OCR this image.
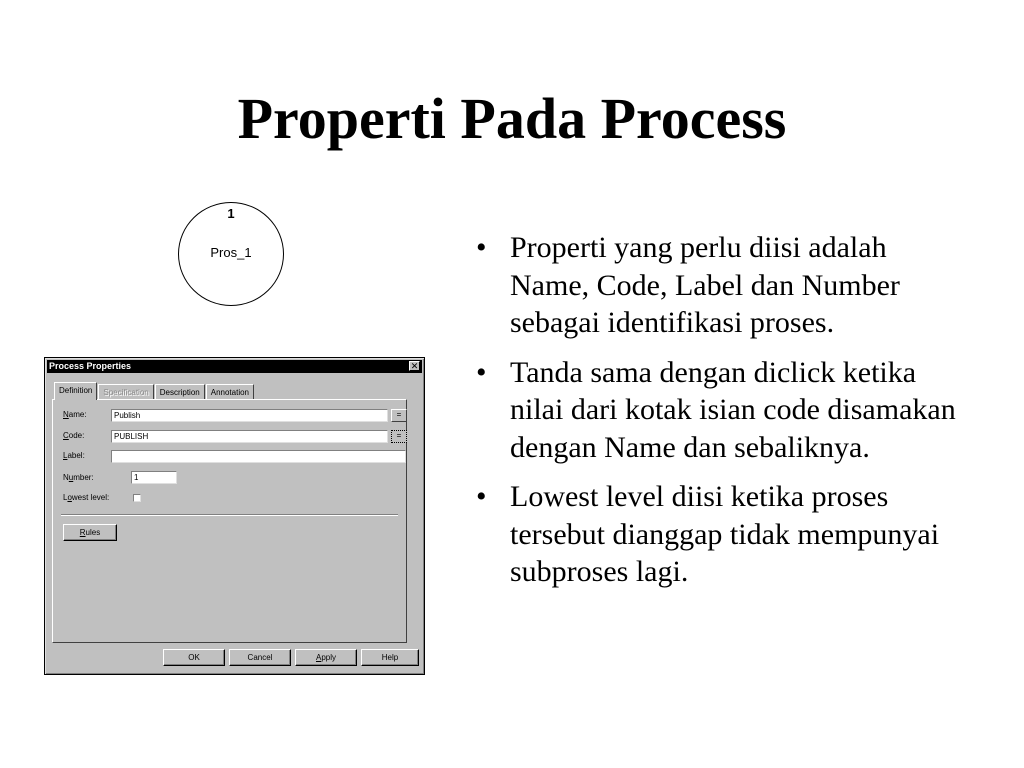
Properti Pada Process
1
Pros_1
Process Properties	✕
Definition	Specification	Description	Annotation
Name:	Publish	=
Code:	PUBLISH	=
Label:
Number:	1
Lowest level:
Rules
OK	Cancel	Apply	Help
• Properti yang perlu diisi adalah Name, Code, Label dan Number sebagai identifikasi proses.
• Tanda sama dengan diclick ketika nilai dari kotak isian code disamakan dengan Name dan sebaliknya.
• Lowest level diisi ketika proses tersebut dianggap tidak mempunyai subproses lagi.
